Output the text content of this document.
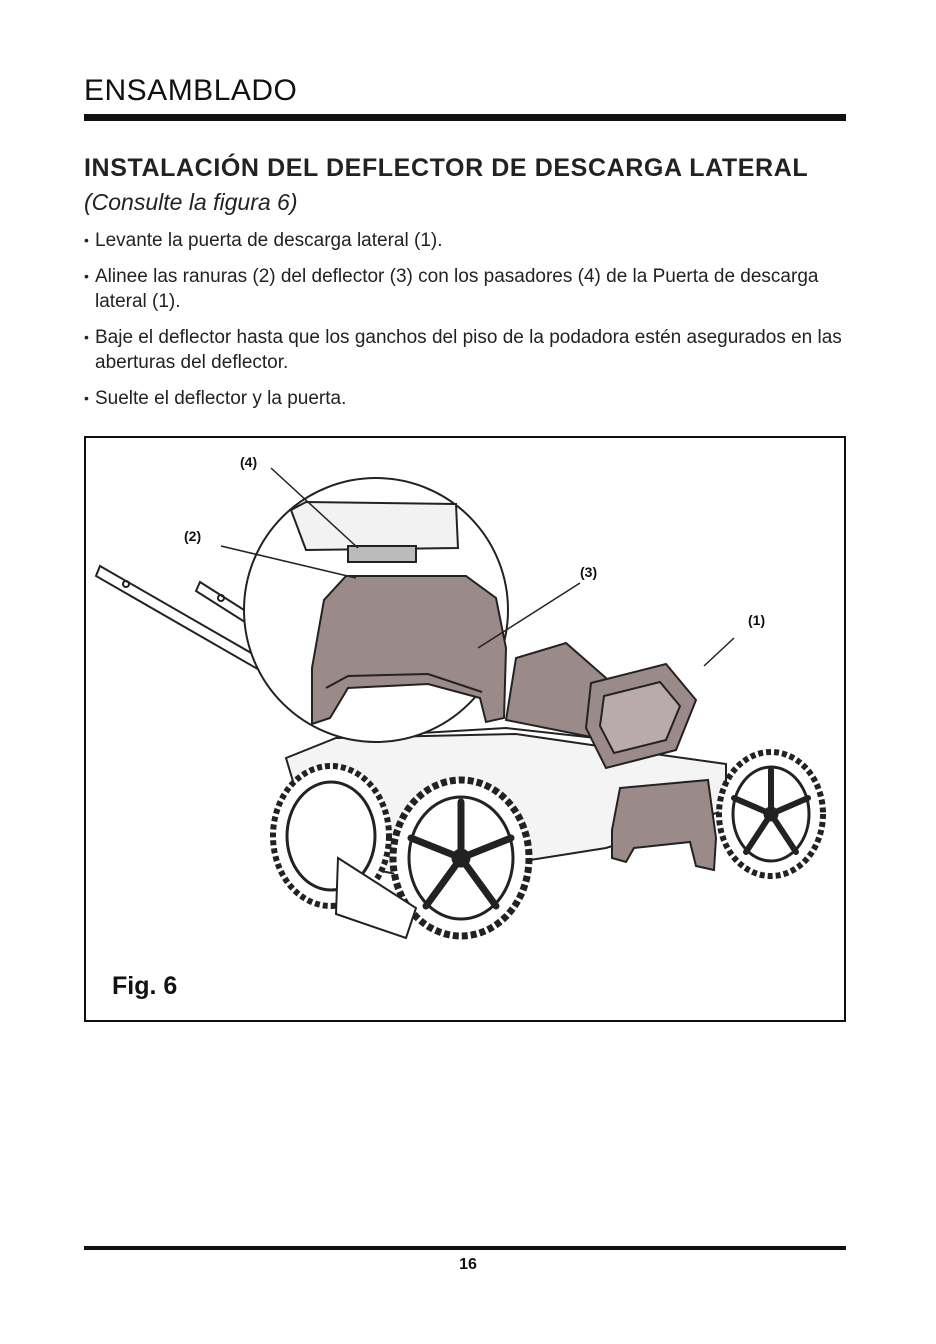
ENSAMBLADO
INSTALACIÓN DEL DEFLECTOR DE DESCARGA LATERAL

(Consulte la figura 6)

• Levante la puerta de descarga lateral (1).
• Alinee las ranuras (2) del deflector (3) con los pasadores (4) de la Puerta de descarga lateral (1).
• Baje el deflector hasta que los ganchos del piso de la podadora estén asegurados en las aberturas del deflector.
• Suelte el deflector y la puerta.
(4)
(2)
(3)
(1)

Fig. 6

16
